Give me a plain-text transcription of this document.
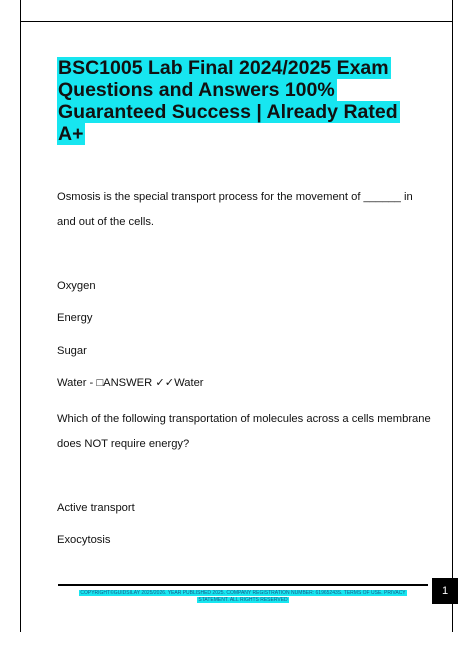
BSC1005 Lab Final 2024/2025 Exam
Questions and Answers 100%
Guaranteed Success | Already Rated A+

Osmosis is the special transport process for the movement of ______ in

and out of the cells.

Oxygen

Energy

Sugar

Water - □ANSWER ✓✓Water

Which of the following transportation of molecules across a cells membrane

does NOT require energy?

Active transport

Exocytosis

COPYRIGHT©GUIDSILAY 2025/2026. YEAR PUBLISHED 2025. COMPANY REGISTRATION NUMBER: 61965243S. TERMS OF USE. PRIVACY
STATEMENT. ALL RIGHTS RESERVED
1
